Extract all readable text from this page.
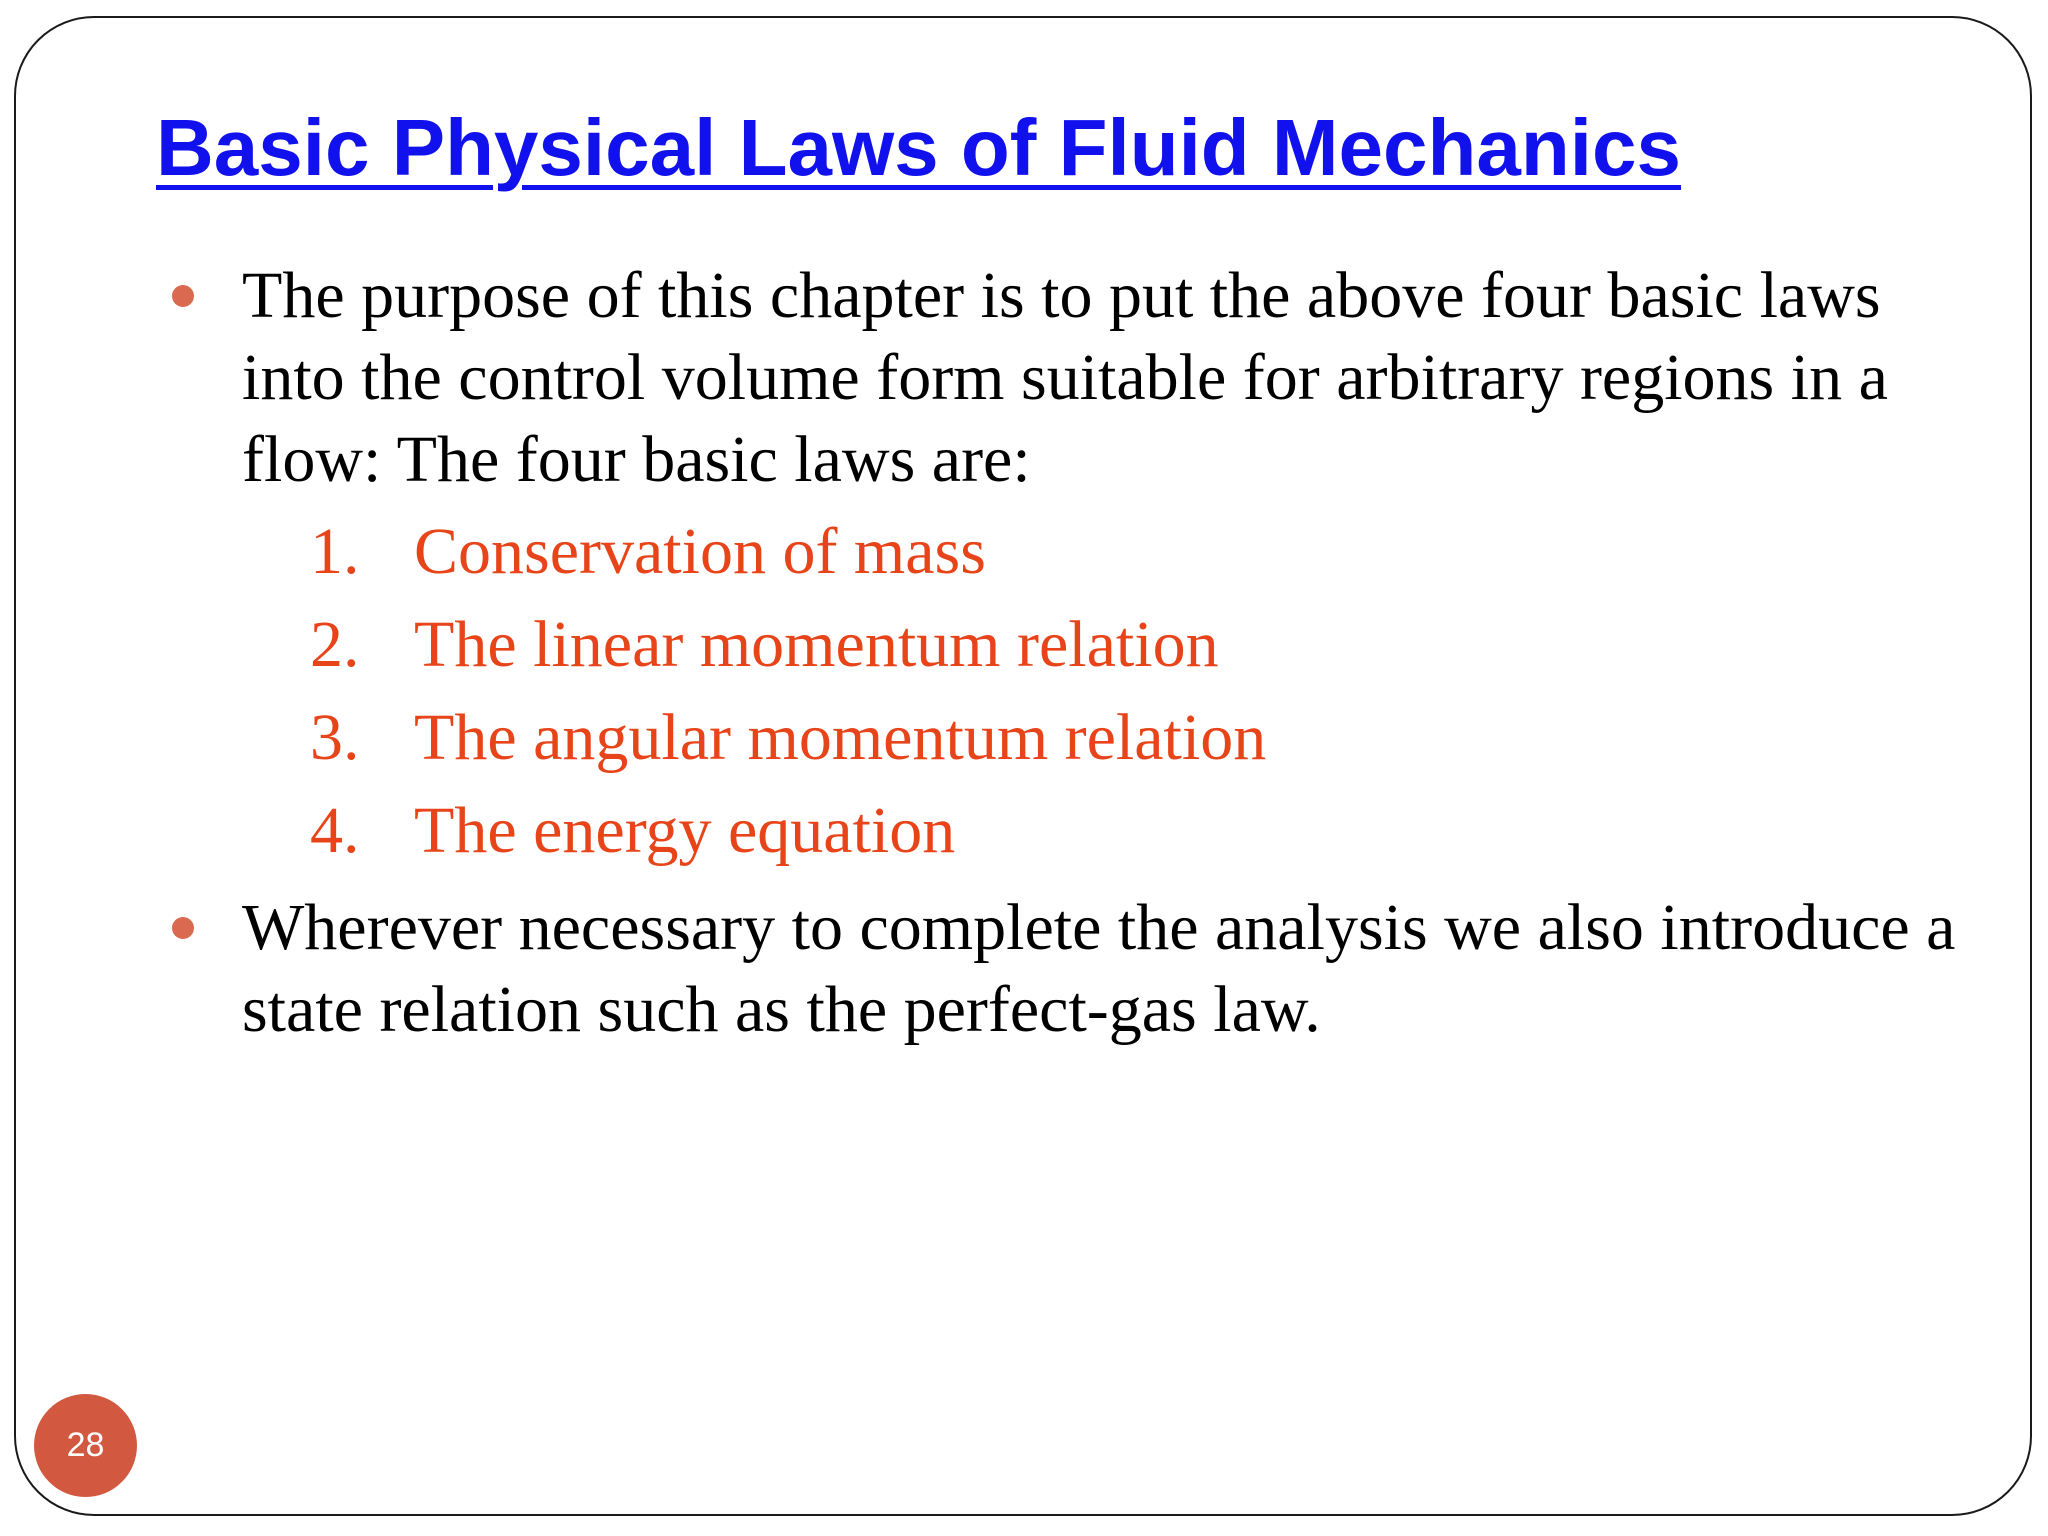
Basic Physical Laws of Fluid Mechanics
The purpose of this chapter is to put the above four basic laws into the control volume form suitable for arbitrary regions in a flow: The four basic laws are:
1. Conservation of mass
2. The linear momentum relation
3. The angular momentum relation
4. The energy equation
Wherever necessary to complete the analysis we also introduce a state relation such as the perfect-gas law.
28
